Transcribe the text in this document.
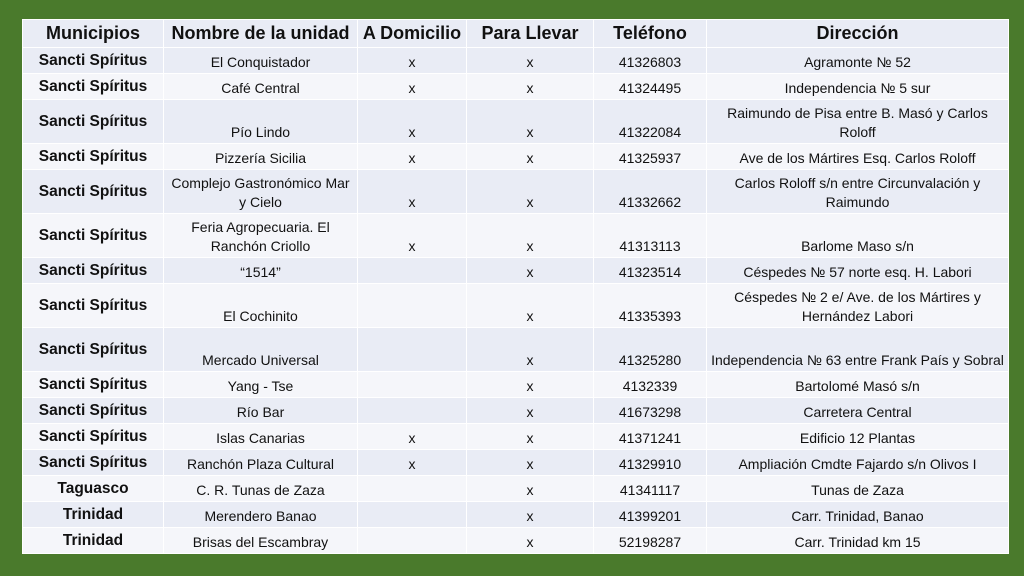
Municipios	Nombre de la unidad	A Domicilio	Para Llevar	Teléfono	Dirección
Sancti Spíritus	El Conquistador	x	x	41326803	Agramonte № 52
Sancti Spíritus	Café Central	x	x	41324495	Independencia № 5 sur
Sancti Spíritus	Pío Lindo	x	x	41322084	Raimundo de Pisa entre B. Masó y Carlos Roloff
Sancti Spíritus	Pizzería Sicilia	x	x	41325937	Ave de los Mártires Esq. Carlos Roloff
Sancti Spíritus	Complejo Gastronómico Mar y Cielo	x	x	41332662	Carlos Roloff s/n entre Circunvalación y Raimundo
Sancti Spíritus	Feria Agropecuaria. El Ranchón Criollo	x	x	41313113	Barlome Maso s/n
Sancti Spíritus	“1514”		x	41323514	Céspedes № 57 norte esq. H. Labori
Sancti Spíritus	El Cochinito		x	41335393	Céspedes № 2 e/ Ave. de los Mártires y Hernández Labori
Sancti Spíritus	Mercado Universal		x	41325280	Independencia № 63 entre Frank País y Sobral
Sancti Spíritus	Yang - Tse		x	4132339	Bartolomé Masó s/n
Sancti Spíritus	Río Bar		x	41673298	Carretera Central
Sancti Spíritus	Islas Canarias	x	x	41371241	Edificio 12 Plantas
Sancti Spíritus	Ranchón Plaza Cultural	x	x	41329910	Ampliación Cmdte Fajardo s/n Olivos I
Taguasco	C. R. Tunas de Zaza		x	41341117	Tunas de Zaza
Trinidad	Merendero Banao		x	41399201	Carr. Trinidad, Banao
Trinidad	Brisas del Escambray		x	52198287	Carr. Trinidad km 15
